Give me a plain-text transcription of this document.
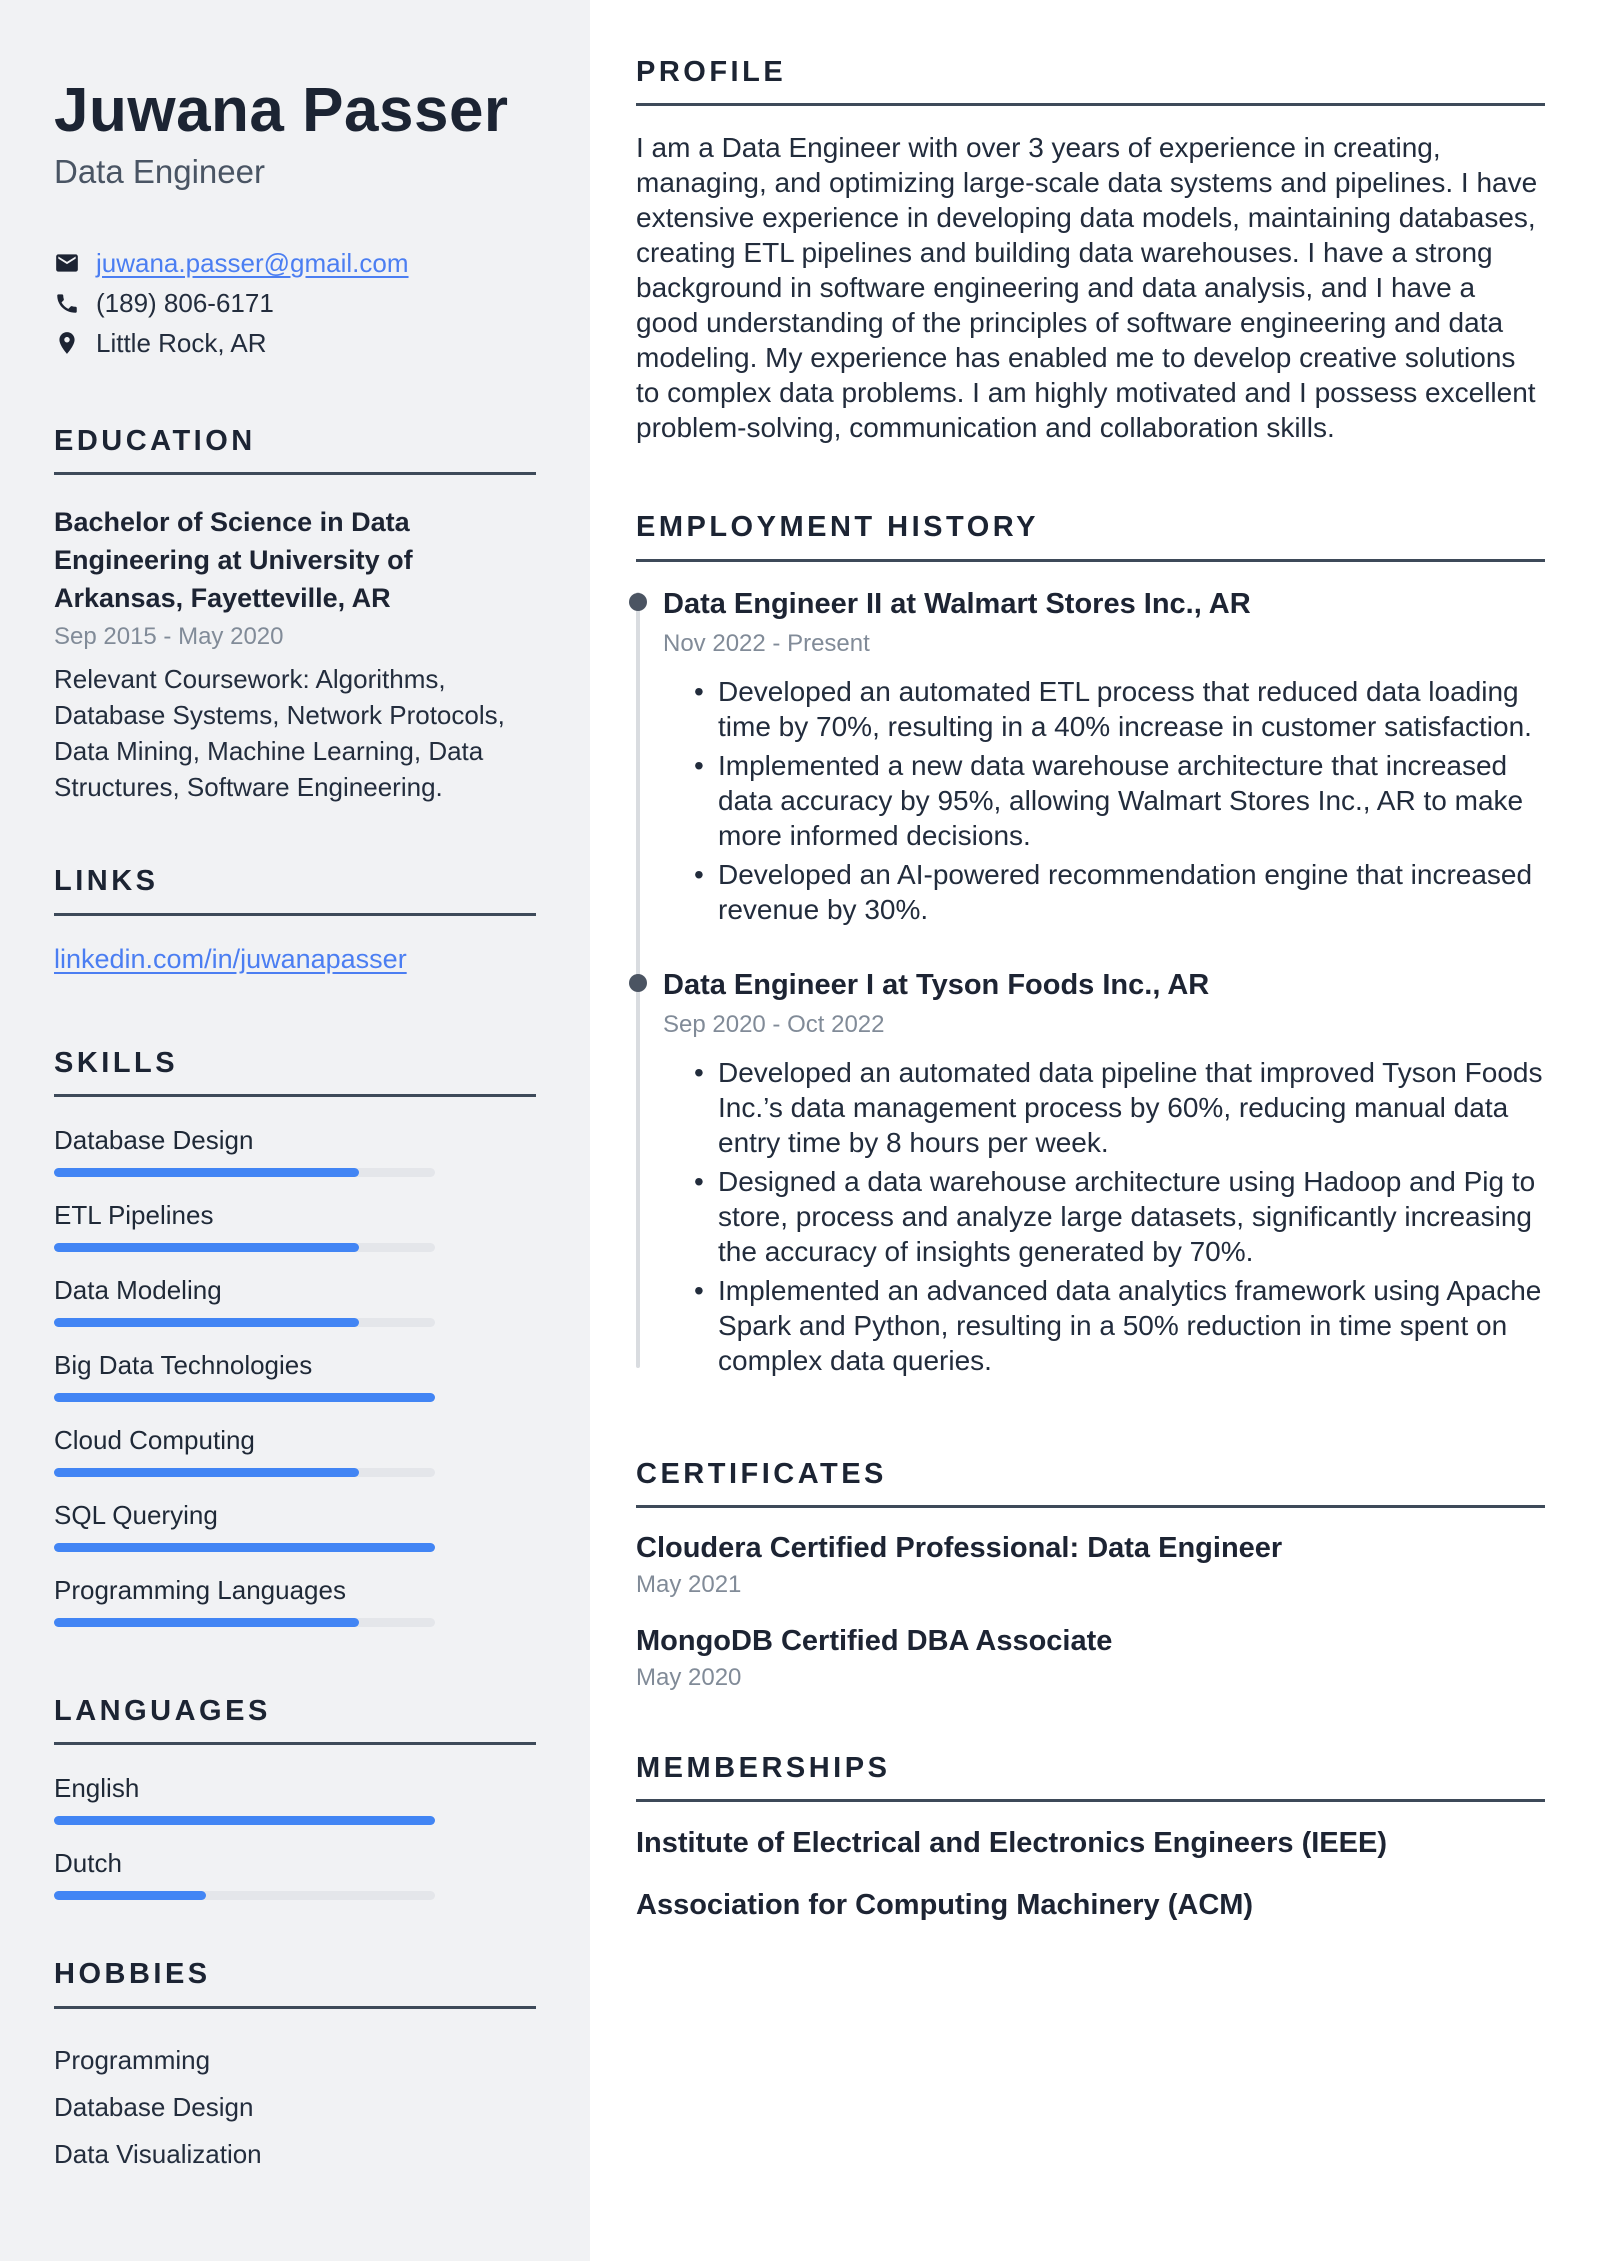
Juwana Passer
Data Engineer
juwana.passer@gmail.com
(189) 806-6171
Little Rock, AR
EDUCATION

Bachelor of Science in Data Engineering at University of Arkansas, Fayetteville, AR

Sep 2015 - May 2020

Relevant Coursework: Algorithms, Database Systems, Network Protocols, Data Mining, Machine Learning, Data Structures, Software Engineering.

LINKS
linkedin.com/in/juwanapasser
SKILLS
Database Design
ETL Pipelines
Data Modeling
Big Data Technologies
Cloud Computing
SQL Querying
Programming Languages
LANGUAGES
English
Dutch
HOBBIES
Programming
Database Design
Data Visualization
PROFILE

I am a Data Engineer with over 3 years of experience in creating, managing, and optimizing large-scale data systems and pipelines. I have extensive experience in developing data models, maintaining databases, creating ETL pipelines and building data warehouses. I have a strong background in software engineering and data analysis, and I have a good understanding of the principles of software engineering and data modeling. My experience has enabled me to develop creative solutions to complex data problems. I am highly motivated and I possess excellent problem-solving, communication and collaboration skills.

EMPLOYMENT HISTORY
Data Engineer II at Walmart Stores Inc., AR
Nov 2022 - Present
• Developed an automated ETL process that reduced data loading time by 70%, resulting in a 40% increase in customer satisfaction.
• Implemented a new data warehouse architecture that increased data accuracy by 95%, allowing Walmart Stores Inc., AR to make more informed decisions.
• Developed an AI-powered recommendation engine that increased revenue by 30%.
Data Engineer I at Tyson Foods Inc., AR
Sep 2020 - Oct 2022
• Developed an automated data pipeline that improved Tyson Foods Inc.’s data management process by 60%, reducing manual data entry time by 8 hours per week.
• Designed a data warehouse architecture using Hadoop and Pig to store, process and analyze large datasets, significantly increasing the accuracy of insights generated by 70%.
• Implemented an advanced data analytics framework using Apache Spark and Python, resulting in a 50% reduction in time spent on complex data queries.
CERTIFICATES
Cloudera Certified Professional: Data Engineer
May 2021
MongoDB Certified DBA Associate
May 2020
MEMBERSHIPS
Institute of Electrical and Electronics Engineers (IEEE)
Association for Computing Machinery (ACM)
